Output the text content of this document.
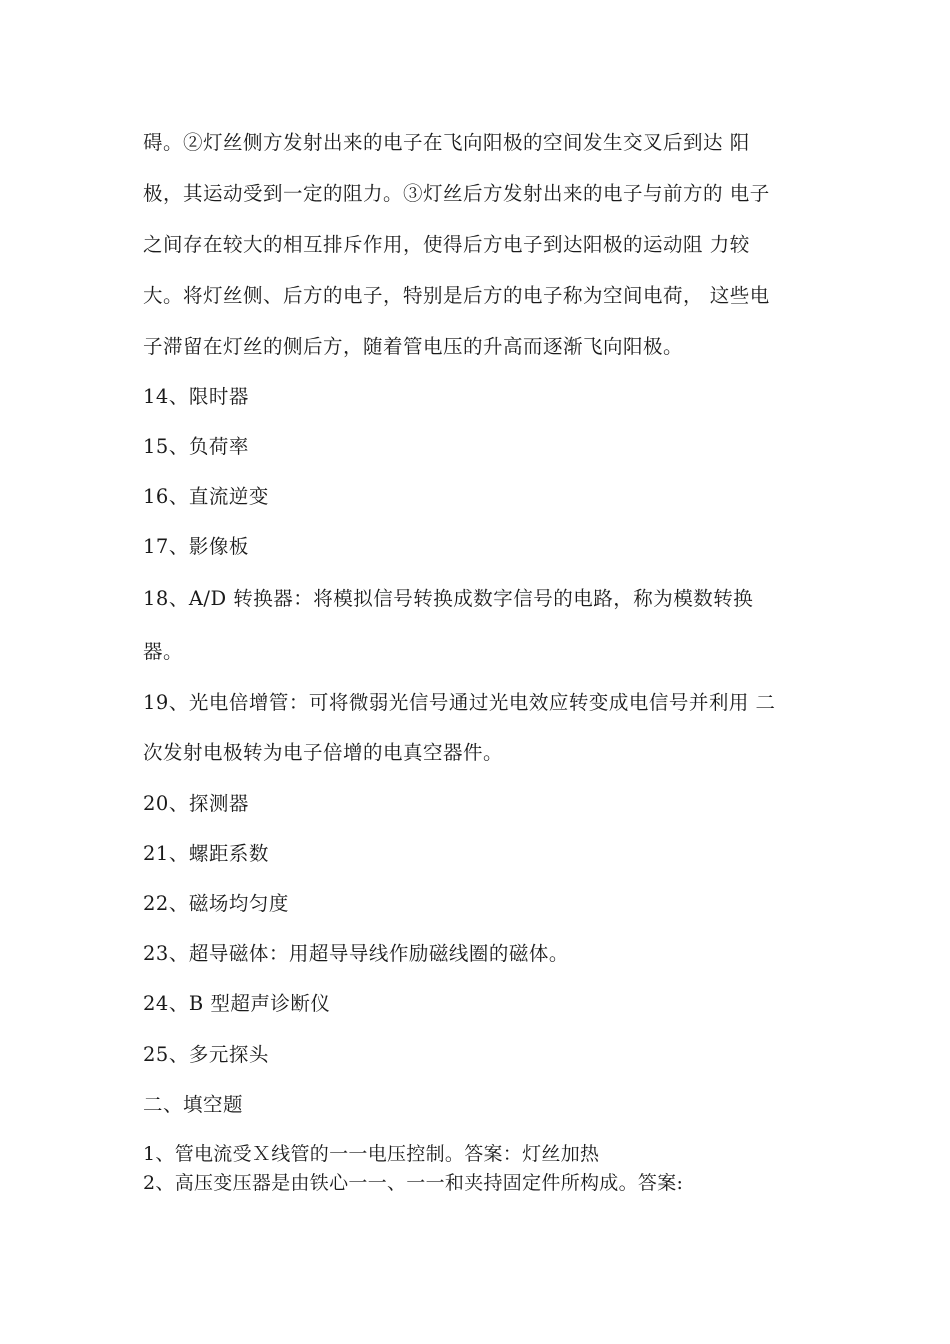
碍。②灯丝侧方发射出来的电子在飞向阳极的空间发生交叉后到达 阳

极，其运动受到一定的阻力。③灯丝后方发射出来的电子与前方的 电子

之间存在较大的相互排斥作用，使得后方电子到达阳极的运动阻 力较

大。将灯丝侧、后方的电子，特别是后方的电子称为空间电荷， 这些电

子滞留在灯丝的侧后方，随着管电压的升高而逐渐飞向阳极。

14、限时器

15、负荷率

16、直流逆变

17、影像板

18、A/D 转换器：将模拟信号转换成数字信号的电路，称为模数转换

器。

19、光电倍增管：可将微弱光信号通过光电效应转变成电信号并利用 二

次发射电极转为电子倍增的电真空器件。

20、探测器

21、螺距系数

22、磁场均匀度

23、超导磁体：用超导导线作励磁线圈的磁体。

24、B 型超声诊断仪

25、多元探头

二、填空题

1、管电流受Ｘ线管的一一电压控制。答案：灯丝加热

2、高压变压器是由铁心一一、一一和夹持固定件所构成。答案:
